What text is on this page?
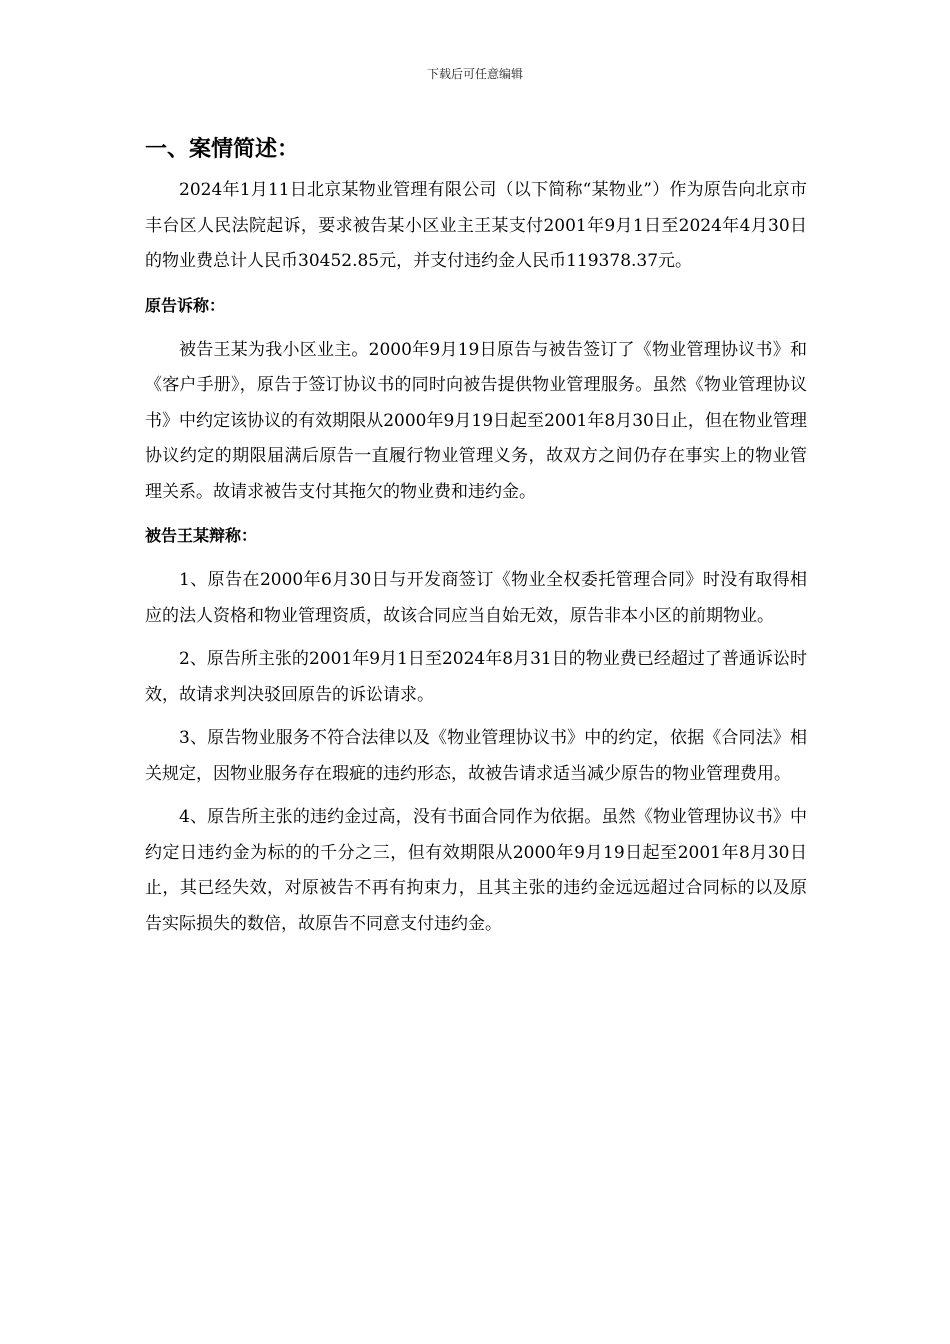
下载后可任意编辑
一、案情简述：

2024年1月11日北京某物业管理有限公司（以下简称“某物业”）作为原告向北京市丰台区人民法院起诉，要求被告某小区业主王某支付2001年9月1日至2024年4月30日的物业费总计人民币30452.85元，并支付违约金人民币119378.37元。

原告诉称：

被告王某为我小区业主。2000年9月19日原告与被告签订了《物业管理协议书》和《客户手册》，原告于签订协议书的同时向被告提供物业管理服务。虽然《物业管理协议书》中约定该协议的有效期限从2000年9月19日起至2001年8月30日止，但在物业管理协议约定的期限届满后原告一直履行物业管理义务，故双方之间仍存在事实上的物业管理关系。故请求被告支付其拖欠的物业费和违约金。

被告王某辩称：

1、原告在2000年6月30日与开发商签订《物业全权委托管理合同》时没有取得相应的法人资格和物业管理资质，故该合同应当自始无效，原告非本小区的前期物业。

2、原告所主张的2001年9月1日至2024年8月31日的物业费已经超过了普通诉讼时效，故请求判决驳回原告的诉讼请求。

3、原告物业服务不符合法律以及《物业管理协议书》中的约定，依据《合同法》相关规定，因物业服务存在瑕疵的违约形态，故被告请求适当减少原告的物业管理费用。

4、原告所主张的违约金过高，没有书面合同作为依据。虽然《物业管理协议书》中约定日违约金为标的的千分之三，但有效期限从2000年9月19日起至2001年8月30日止，其已经失效，对原被告不再有拘束力，且其主张的违约金远远超过合同标的以及原告实际损失的数倍，故原告不同意支付违约金。
